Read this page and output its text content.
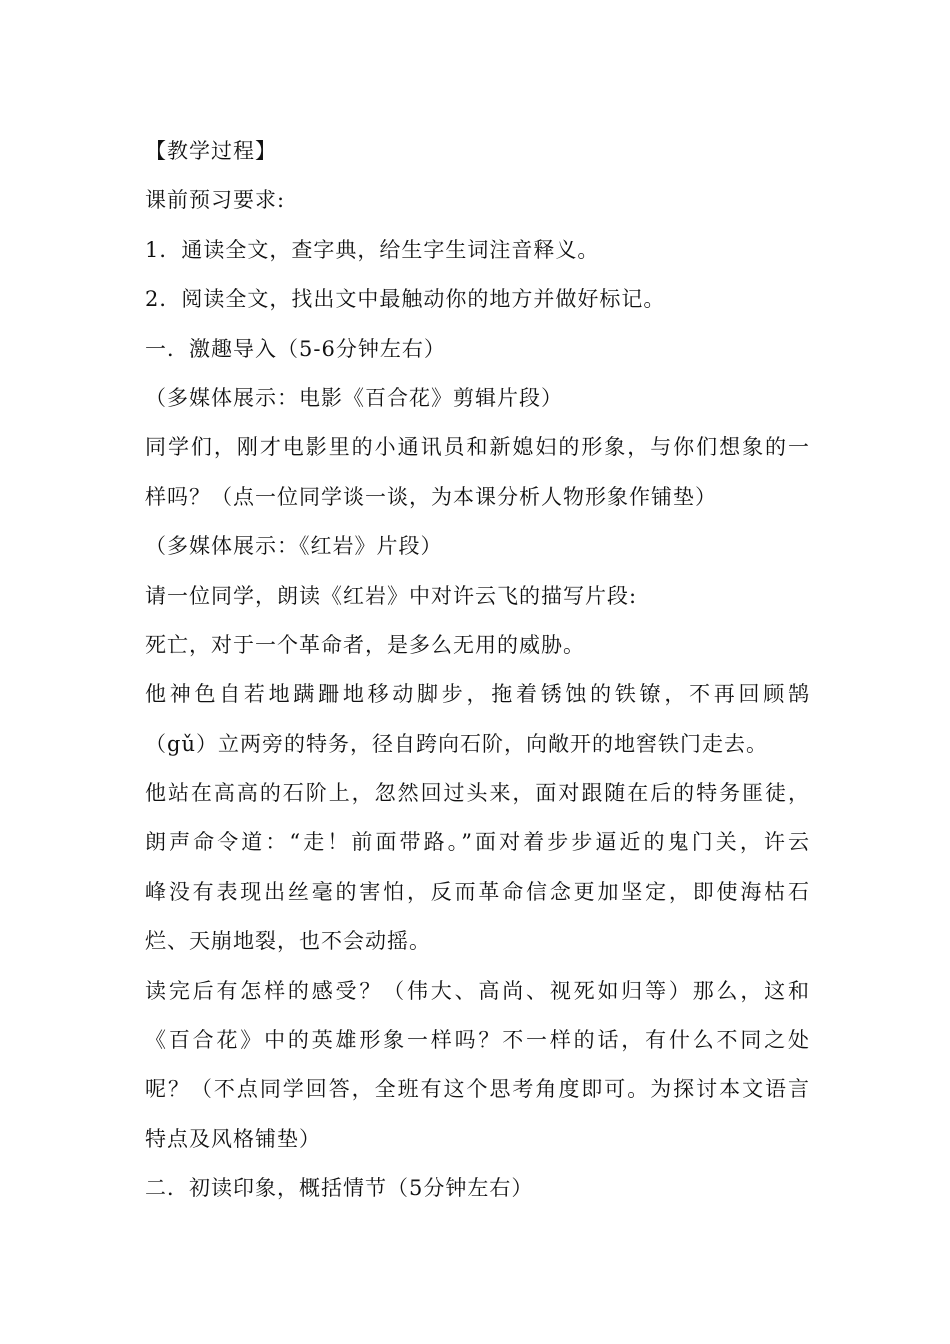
【教学过程】
课前预习要求:
1．通读全文，查字典，给生字生词注音释义。
2．阅读全文，找出文中最触动你的地方并做好标记。
一．激趣导入（5-6分钟左右）
（多媒体展示：电影《百合花》剪辑片段）
同学们，刚才电影里的小通讯员和新媳妇的形象，与你们想象的一
样吗？（点一位同学谈一谈，为本课分析人物形象作铺垫）
（多媒体展示：《红岩》片段）
请一位同学，朗读《红岩》中对许云飞的描写片段:
死亡，对于一个革命者，是多么无用的威胁。
他神色自若地蹒跚地移动脚步，拖着锈蚀的铁镣，不再回顾鹄
（gǔ）立两旁的特务，径自跨向石阶，向敞开的地窖铁门走去。
他站在高高的石阶上，忽然回过头来，面对跟随在后的特务匪徒，
朗声命令道：“走！前面带路。”面对着步步逼近的鬼门关，许云
峰没有表现出丝毫的害怕，反而革命信念更加坚定，即使海枯石
烂、天崩地裂，也不会动摇。
读完后有怎样的感受？（伟大、高尚、视死如归等）那么，这和
《百合花》中的英雄形象一样吗？不一样的话，有什么不同之处
呢？（不点同学回答，全班有这个思考角度即可。为探讨本文语言
特点及风格铺垫）
二．初读印象，概括情节（5分钟左右）
